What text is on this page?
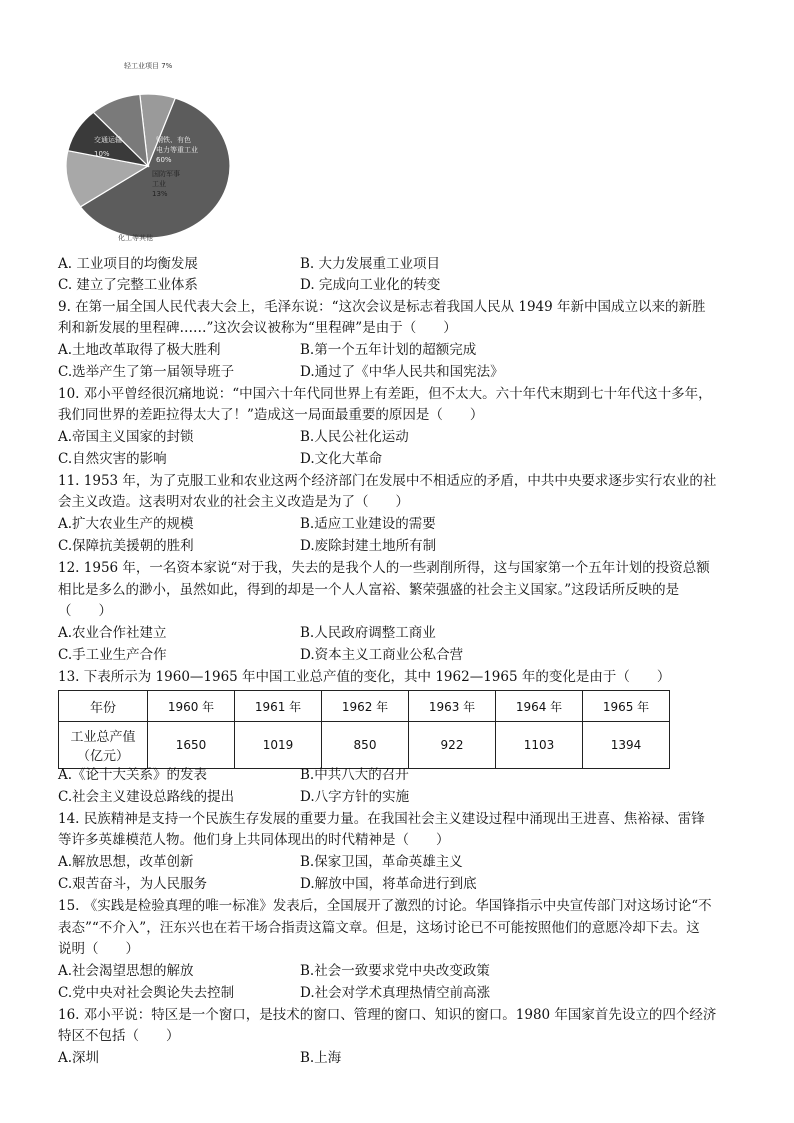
轻工业项目 7%
钢铁、有色 电力等重工业 60%
国防军事 工业 13%
交通运输 10%
化工等其他
A. 工业项目的均衡发展	B. 大力发展重工业项目
C. 建立了完整工业体系	D. 完成向工业化的转变
9. 在第一届全国人民代表大会上，毛泽东说：“这次会议是标志着我国人民从 1949 年新中国成立以来的新胜
利和新发展的里程碑……”这次会议被称为“里程碑”是由于（　　）
A.土地改革取得了极大胜利	B.第一个五年计划的超额完成
C.选举产生了第一届领导班子	D.通过了《中华人民共和国宪法》
10. 邓小平曾经很沉痛地说：“中国六十年代同世界上有差距，但不太大。六十年代末期到七十年代这十多年，
我们同世界的差距拉得太大了！”造成这一局面最重要的原因是（　　）
A.帝国主义国家的封锁	B.人民公社化运动
C.自然灾害的影响	D.文化大革命
11. 1953 年，为了克服工业和农业这两个经济部门在发展中不相适应的矛盾，中共中央要求逐步实行农业的社
会主义改造。这表明对农业的社会主义改造是为了（　　）
A.扩大农业生产的规模	B.适应工业建设的需要
C.保障抗美援朝的胜利	D.废除封建土地所有制
12. 1956 年，一名资本家说“对于我，失去的是我个人的一些剥削所得，这与国家第一个五年计划的投资总额
相比是多么的渺小，虽然如此，得到的却是一个人人富裕、繁荣强盛的社会主义国家。”这段话所反映的是
（　　）
A.农业合作社建立	B.人民政府调整工商业
C.手工业生产合作	D.资本主义工商业公私合营
13. 下表所示为 1960—1965 年中国工业总产值的变化，其中 1962—1965 年的变化是由于（　　）
年份	1960 年	1961 年	1962 年	1963 年	1964 年	1965 年

工业总产值
（亿元）	1650	1019	850	922	1103	1394
A.《论十大关系》的发表	B.中共八大的召开
C.社会主义建设总路线的提出	D.八字方针的实施
14. 民族精神是支持一个民族生存发展的重要力量。在我国社会主义建设过程中涌现出王进喜、焦裕禄、雷锋
等许多英雄模范人物。他们身上共同体现出的时代精神是（　　）
A.解放思想，改革创新	B.保家卫国，革命英雄主义
C.艰苦奋斗，为人民服务	D.解放中国，将革命进行到底
15. 《实践是检验真理的唯一标准》发表后，全国展开了激烈的讨论。华国锋指示中央宣传部门对这场讨论“不
表态”“不介入”，汪东兴也在若干场合指责这篇文章。但是，这场讨论已不可能按照他们的意愿冷却下去。这
说明（　　）
A.社会渴望思想的解放	B.社会一致要求党中央改变政策
C.党中央对社会舆论失去控制	D.社会对学术真理热情空前高涨
16. 邓小平说：特区是一个窗口，是技术的窗口、管理的窗口、知识的窗口。1980 年国家首先设立的四个经济
特区不包括（　　）
A.深圳	B.上海
